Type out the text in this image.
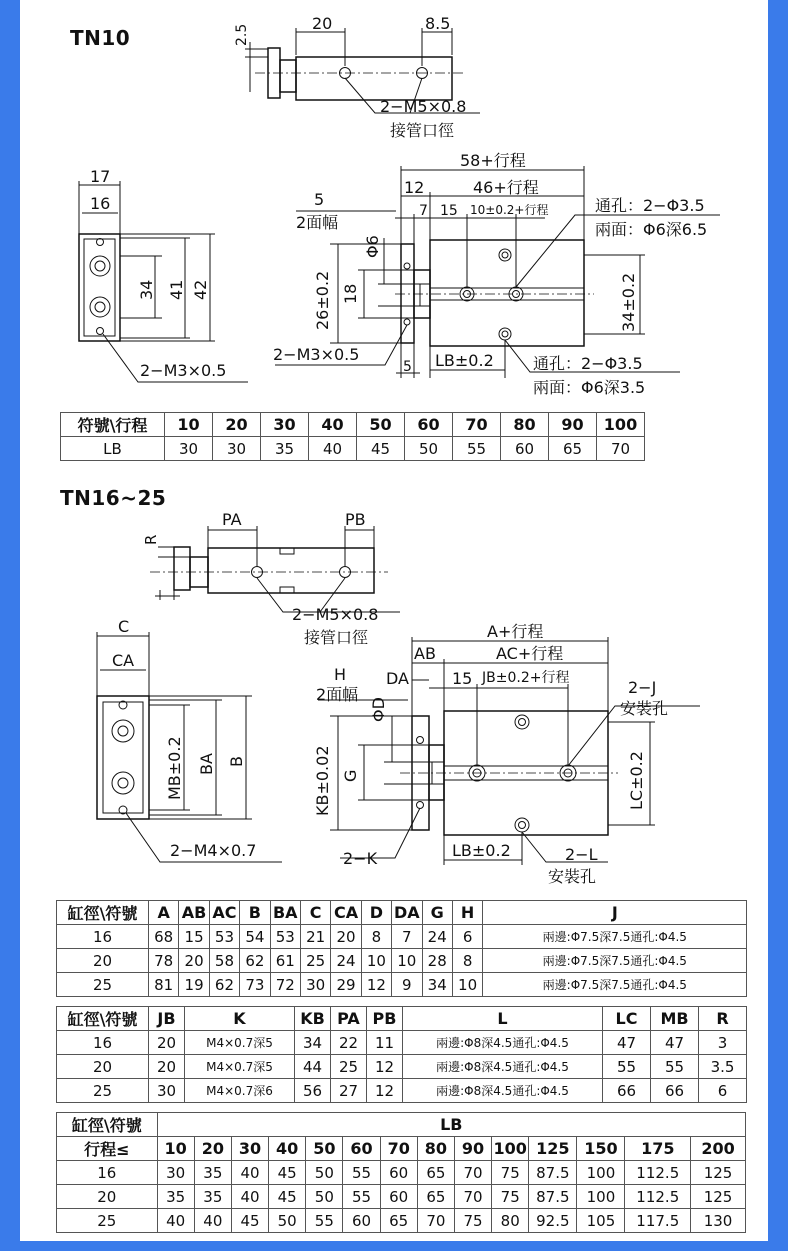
TN10	2.5
20	8.5
2−M5×0.8
接管口徑
17
16
34 41 42
2−M3×0.5
58+行程
12	46+行程
5
2面幅
7 15 10±0.2+行程	通孔：2−Φ3.5
兩面：Φ6深6.5
Φ6
26±0.2 18	34±0.2
2−M3×0.5
5 LB±0.2 通孔：2−Φ3.5
兩面：Φ6深3.5
符號\行程	10	20	30	40	50	60	70	80	90	100
LB	30	30	35	40	45	50	55	60	65	70
TN16~25
PA	PB
R
2−M5×0.8
接管口徑
C
CA
MB±0.2 BA B
2−M4×0.7
A+行程
AB	AC+行程
H DA	15 JB±0.2+行程
2面幅	2−J
安裝孔
ΦD
KB±0.02 G	LC±0.2
2−K	LB±0.2	2−L
安裝孔
缸徑\符號	A	AB	AC	B	BA	C	CA	D	DA	G	H	J
16	68	15	53	54	53	21	20	8	7	24	6	兩邊:Φ7.5深7.5通孔:Φ4.5
20	78	20	58	62	61	25	24	10	10	28	8	兩邊:Φ7.5深7.5通孔:Φ4.5
25	81	19	62	73	72	30	29	12	9	34	10	兩邊:Φ7.5深7.5通孔:Φ4.5
缸徑\符號	JB	K	KB	PA	PB	L	LC	MB	R
16	20	M4×0.7深5	34	22	11	兩邊:Φ8深4.5通孔:Φ4.5	47	47	3
20	20	M4×0.7深5	44	25	12	兩邊:Φ8深4.5通孔:Φ4.5	55	55	3.5
25	30	M4×0.7深6	56	27	12	兩邊:Φ8深4.5通孔:Φ4.5	66	66	6
缸徑\符號	LB													
行程≤	10	20	30	40	50	60	70	80	90	100	125	150	175	200
16	30	35	40	45	50	55	60	65	70	75	87.5	100	112.5	125
20	35	35	40	45	50	55	60	65	70	75	87.5	100	112.5	125
25	40	40	45	50	55	60	65	70	75	80	92.5	105	117.5	130
